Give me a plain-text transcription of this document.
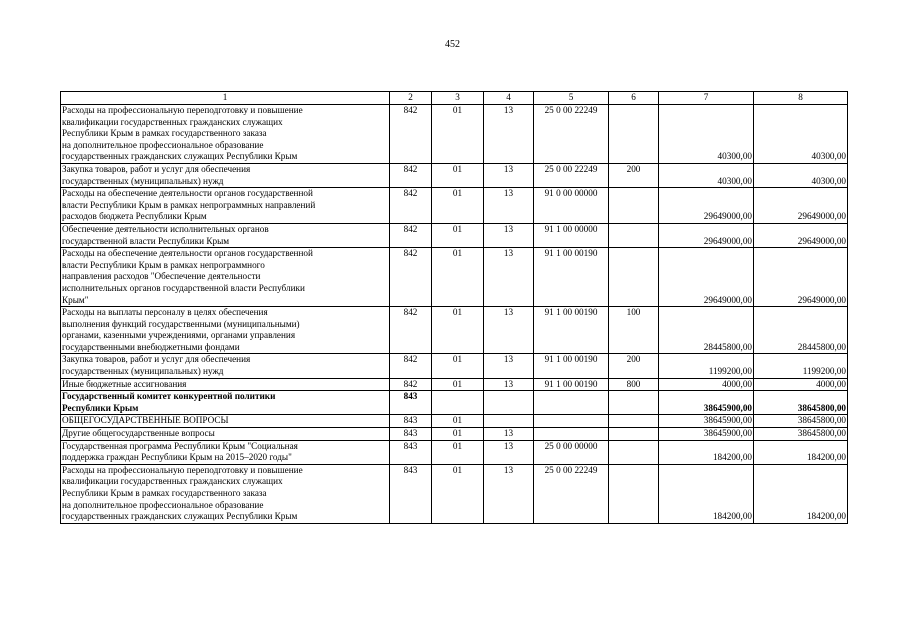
452
1	2	3	4	5	6	7	8

Расходы на профессиональную переподготовку и повышение
квалификации государственных гражданских служащих
Республики Крым в рамках государственного заказа
на дополнительное профессиональное образование
государственных гражданских служащих Республики Крым	842	01	13	25 0 00 22249		40300,00	40300,00

Закупка товаров, работ и услуг для обеспечения
государственных (муниципальных) нужд	842	01	13	25 0 00 22249	200	40300,00	40300,00

Расходы на обеспечение деятельности органов государственной
власти Республики Крым в рамках непрограммных направлений
расходов бюджета Республики Крым	842	01	13	91 0 00 00000		29649000,00	29649000,00

Обеспечение деятельности исполнительных органов
государственной власти Республики Крым	842	01	13	91 1 00 00000		29649000,00	29649000,00

Расходы на обеспечение деятельности органов государственной
власти Республики Крым в рамках непрограммного
направления расходов "Обеспечение деятельности
исполнительных органов государственной власти Республики
Крым"	842	01	13	91 1 00 00190		29649000,00	29649000,00

Расходы на выплаты персоналу в целях обеспечения
выполнения функций государственными (муниципальными)
органами, казенными учреждениями, органами управления
государственными внебюджетными фондами	842	01	13	91 1 00 00190	100	28445800,00	28445800,00

Закупка товаров, работ и услуг для обеспечения
государственных (муниципальных) нужд	842	01	13	91 1 00 00190	200	1199200,00	1199200,00

Иные бюджетные ассигнования	842	01	13	91 1 00 00190	800	4000,00	4000,00

Государственный комитет конкурентной политики
Республики Крым	843					38645900,00	38645800,00

ОБЩЕГОСУДАРСТВЕННЫЕ ВОПРОСЫ	843	01				38645900,00	38645800,00

Другие общегосударственные вопросы	843	01	13			38645900,00	38645800,00

Государственная программа Республики Крым "Социальная
поддержка граждан Республики Крым на 2015–2020 годы"	843	01	13	25 0 00 00000		184200,00	184200,00

Расходы на профессиональную переподготовку и повышение
квалификации государственных гражданских служащих
Республики Крым в рамках государственного заказа
на дополнительное профессиональное образование
государственных гражданских служащих Республики Крым	843	01	13	25 0 00 22249		184200,00	184200,00
